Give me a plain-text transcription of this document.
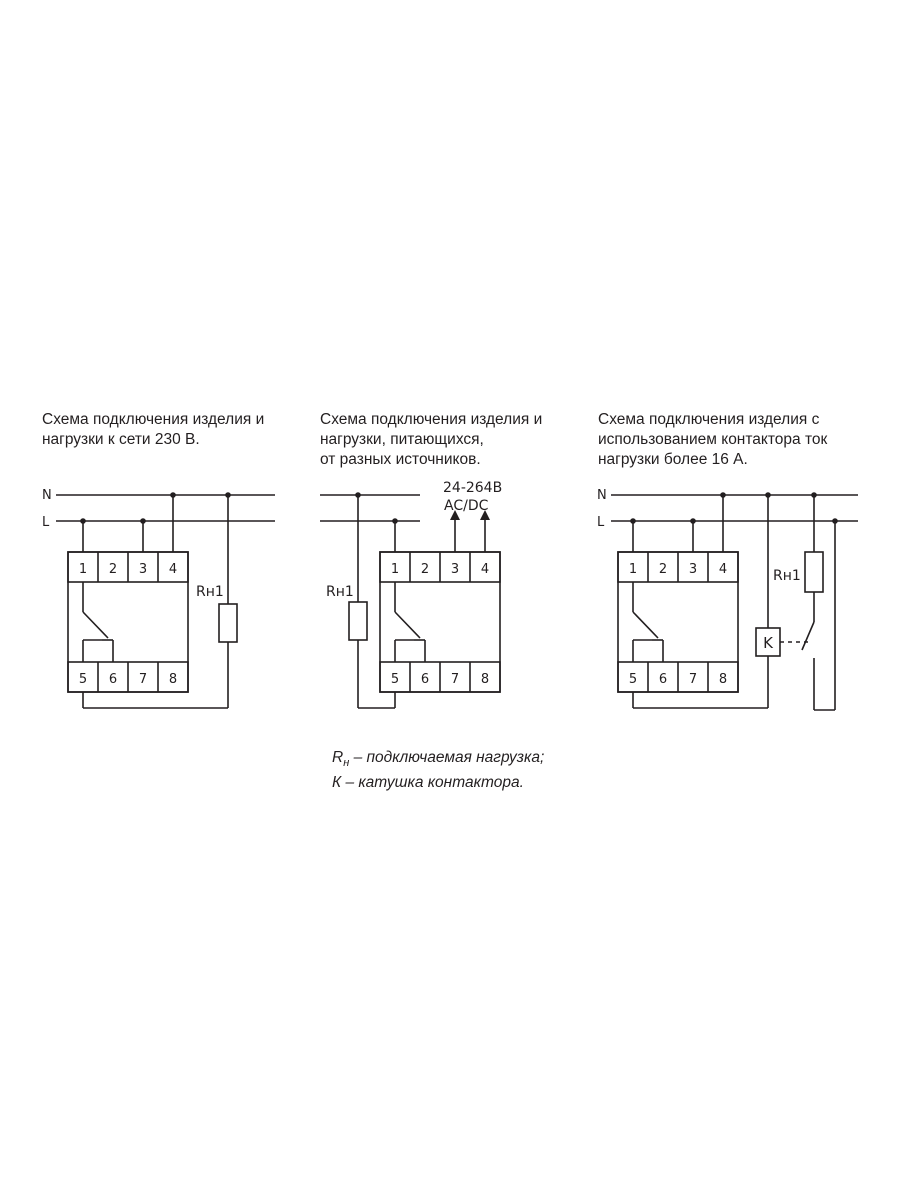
Схема подключения изделия и
нагрузки к сети 230 В.
Схема подключения изделия и
нагрузки, питающихся,
от разных источников.
Схема подключения изделия с
использованием контактора ток
нагрузки более 16 А.
N
L
1 2 3 4
5 6 7 8
Rн1
1 2 3 4
5 6 7 8
Rн1
24-264В
AC/DC
N
L
1 2 3 4
5 6 7 8
K
Rн1
$R_н$ – подключаемая нагрузка;
К – катушка контактора.
